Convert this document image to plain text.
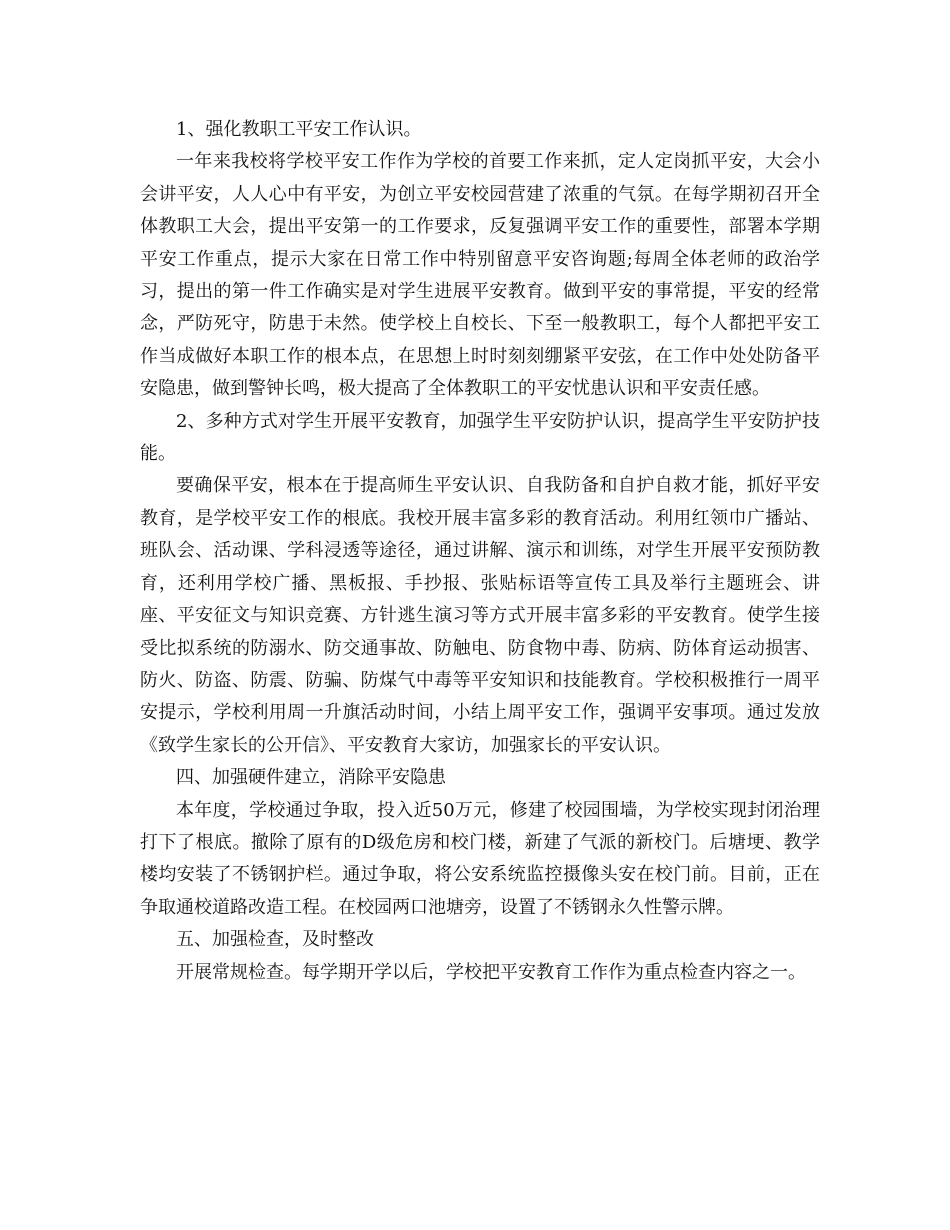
1、强化教职工平安工作认识。

一年来我校将学校平安工作作为学校的首要工作来抓，定人定岗抓平安，大会小会讲平安，人人心中有平安，为创立平安校园营建了浓重的气氛。在每学期初召开全体教职工大会，提出平安第一的工作要求，反复强调平安工作的重要性，部署本学期平安工作重点，提示大家在日常工作中特别留意平安咨询题;每周全体老师的政治学习，提出的第一件工作确实是对学生进展平安教育。做到平安的事常提，平安的经常念，严防死守，防患于未然。使学校上自校长、下至一般教职工，每个人都把平安工作当成做好本职工作的根本点，在思想上时时刻刻绷紧平安弦，在工作中处处防备平安隐患，做到警钟长鸣，极大提高了全体教职工的平安忧患认识和平安责任感。

2、多种方式对学生开展平安教育，加强学生平安防护认识，提高学生平安防护技能。

要确保平安，根本在于提高师生平安认识、自我防备和自护自救才能，抓好平安教育，是学校平安工作的根底。我校开展丰富多彩的教育活动。利用红领巾广播站、班队会、活动课、学科浸透等途径，通过讲解、演示和训练，对学生开展平安预防教育，还利用学校广播、黑板报、手抄报、张贴标语等宣传工具及举行主题班会、讲座、平安征文与知识竞赛、方针逃生演习等方式开展丰富多彩的平安教育。使学生接受比拟系统的防溺水、防交通事故、防触电、防食物中毒、防病、防体育运动损害、防火、防盗、防震、防骗、防煤气中毒等平安知识和技能教育。学校积极推行一周平安提示，学校利用周一升旗活动时间，小结上周平安工作，强调平安事项。通过发放《致学生家长的公开信》、平安教育大家访，加强家长的平安认识。

四、加强硬件建立，消除平安隐患

本年度，学校通过争取，投入近50万元，修建了校园围墙，为学校实现封闭治理打下了根底。撤除了原有的D级危房和校门楼，新建了气派的新校门。后塘埂、教学楼均安装了不锈钢护栏。通过争取，将公安系统监控摄像头安在校门前。目前，正在争取通校道路改造工程。在校园两口池塘旁，设置了不锈钢永久性警示牌。

五、加强检查，及时整改

开展常规检查。每学期开学以后，学校把平安教育工作作为重点检查内容之一。
